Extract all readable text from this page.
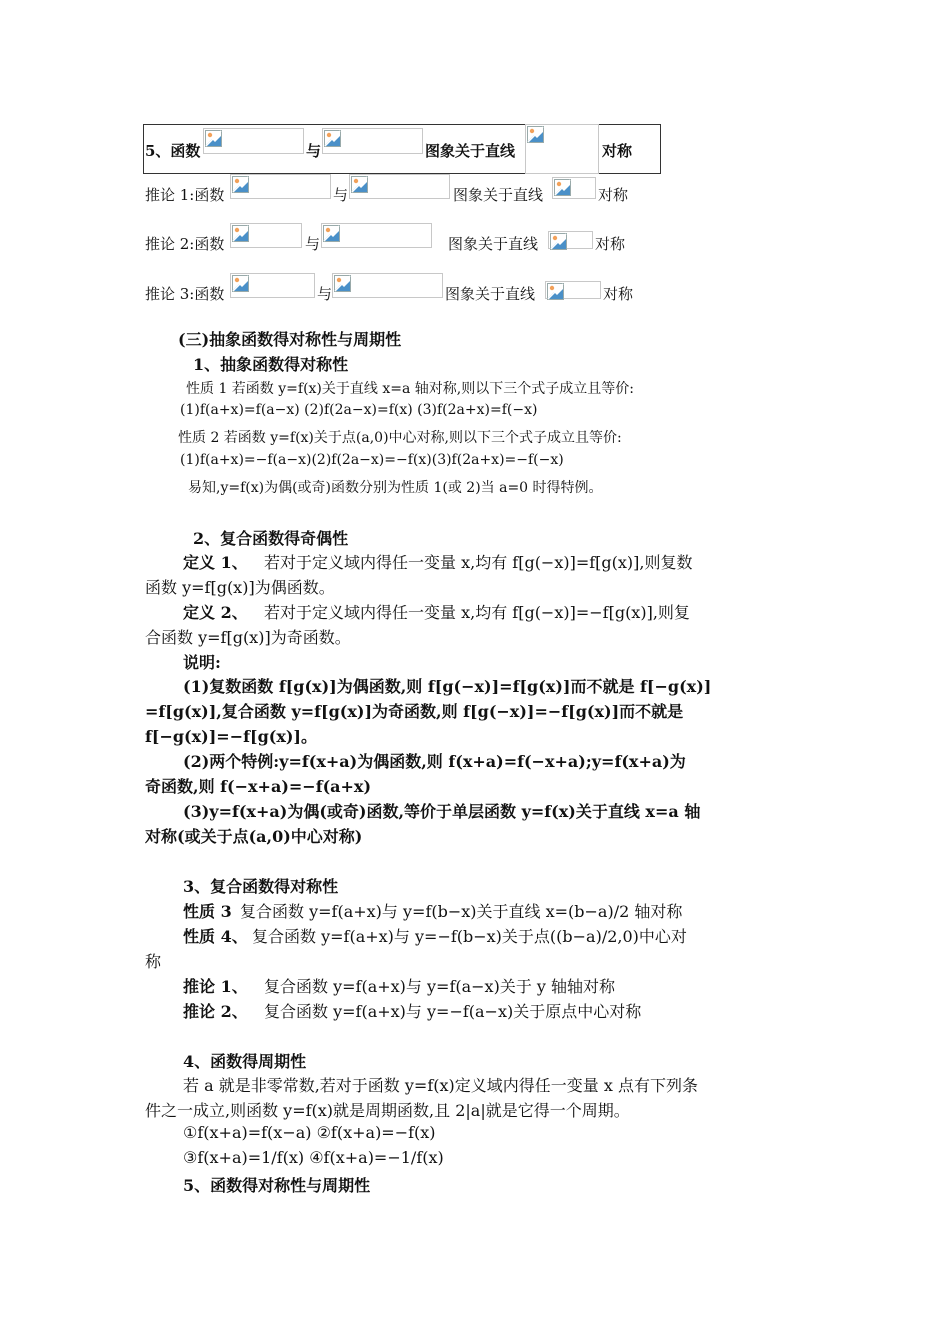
5、函数	与	图象关于直线	对称
推论 1:函数	与	图象关于直线	对称
推论 2:函数	与	图象关于直线	对称
推论 3:函数	与	图象关于直线	对称
(三)抽象函数得对称性与周期性
1、抽象函数得对称性
性质 1 若函数 y=f(x)关于直线 x=a 轴对称,则以下三个式子成立且等价:
(1)f(a+x)=f(a−x) (2)f(2a−x)=f(x) (3)f(2a+x)=f(−x)
性质 2 若函数 y=f(x)关于点(a,0)中心对称,则以下三个式子成立且等价:
(1)f(a+x)=−f(a−x)(2)f(2a−x)=−f(x)(3)f(2a+x)=−f(−x)
易知,y=f(x)为偶(或奇)函数分别为性质 1(或 2)当 a=0 时得特例。
2、复合函数得奇偶性
定义 1、 若对于定义域内得任一变量 x,均有 f[g(−x)]=f[g(x)],则复数
函数 y=f[g(x)]为偶函数。
定义 2、 若对于定义域内得任一变量 x,均有 f[g(−x)]=−f[g(x)],则复
合函数 y=f[g(x)]为奇函数。
说明:
(1)复数函数 f[g(x)]为偶函数,则 f[g(−x)]=f[g(x)]而不就是 f[−g(x)]
=f[g(x)],复合函数 y=f[g(x)]为奇函数,则 f[g(−x)]=−f[g(x)]而不就是
f[−g(x)]=−f[g(x)]。
(2)两个特例:y=f(x+a)为偶函数,则 f(x+a)=f(−x+a);y=f(x+a)为
奇函数,则 f(−x+a)=−f(a+x)
(3)y=f(x+a)为偶(或奇)函数,等价于单层函数 y=f(x)关于直线 x=a 轴
对称(或关于点(a,0)中心对称)
3、复合函数得对称性
性质 3 复合函数 y=f(a+x)与 y=f(b−x)关于直线 x=(b−a)/2 轴对称
性质 4、 复合函数 y=f(a+x)与 y=−f(b−x)关于点((b−a)/2,0)中心对
称
推论 1、 复合函数 y=f(a+x)与 y=f(a−x)关于 y 轴轴对称
推论 2、 复合函数 y=f(a+x)与 y=−f(a−x)关于原点中心对称
4、函数得周期性
若 a 就是非零常数,若对于函数 y=f(x)定义域内得任一变量 x 点有下列条
件之一成立,则函数 y=f(x)就是周期函数,且 2|a|就是它得一个周期。
①f(x+a)=f(x−a) ②f(x+a)=−f(x)
③f(x+a)=1/f(x) ④f(x+a)=−1/f(x)
5、函数得对称性与周期性
